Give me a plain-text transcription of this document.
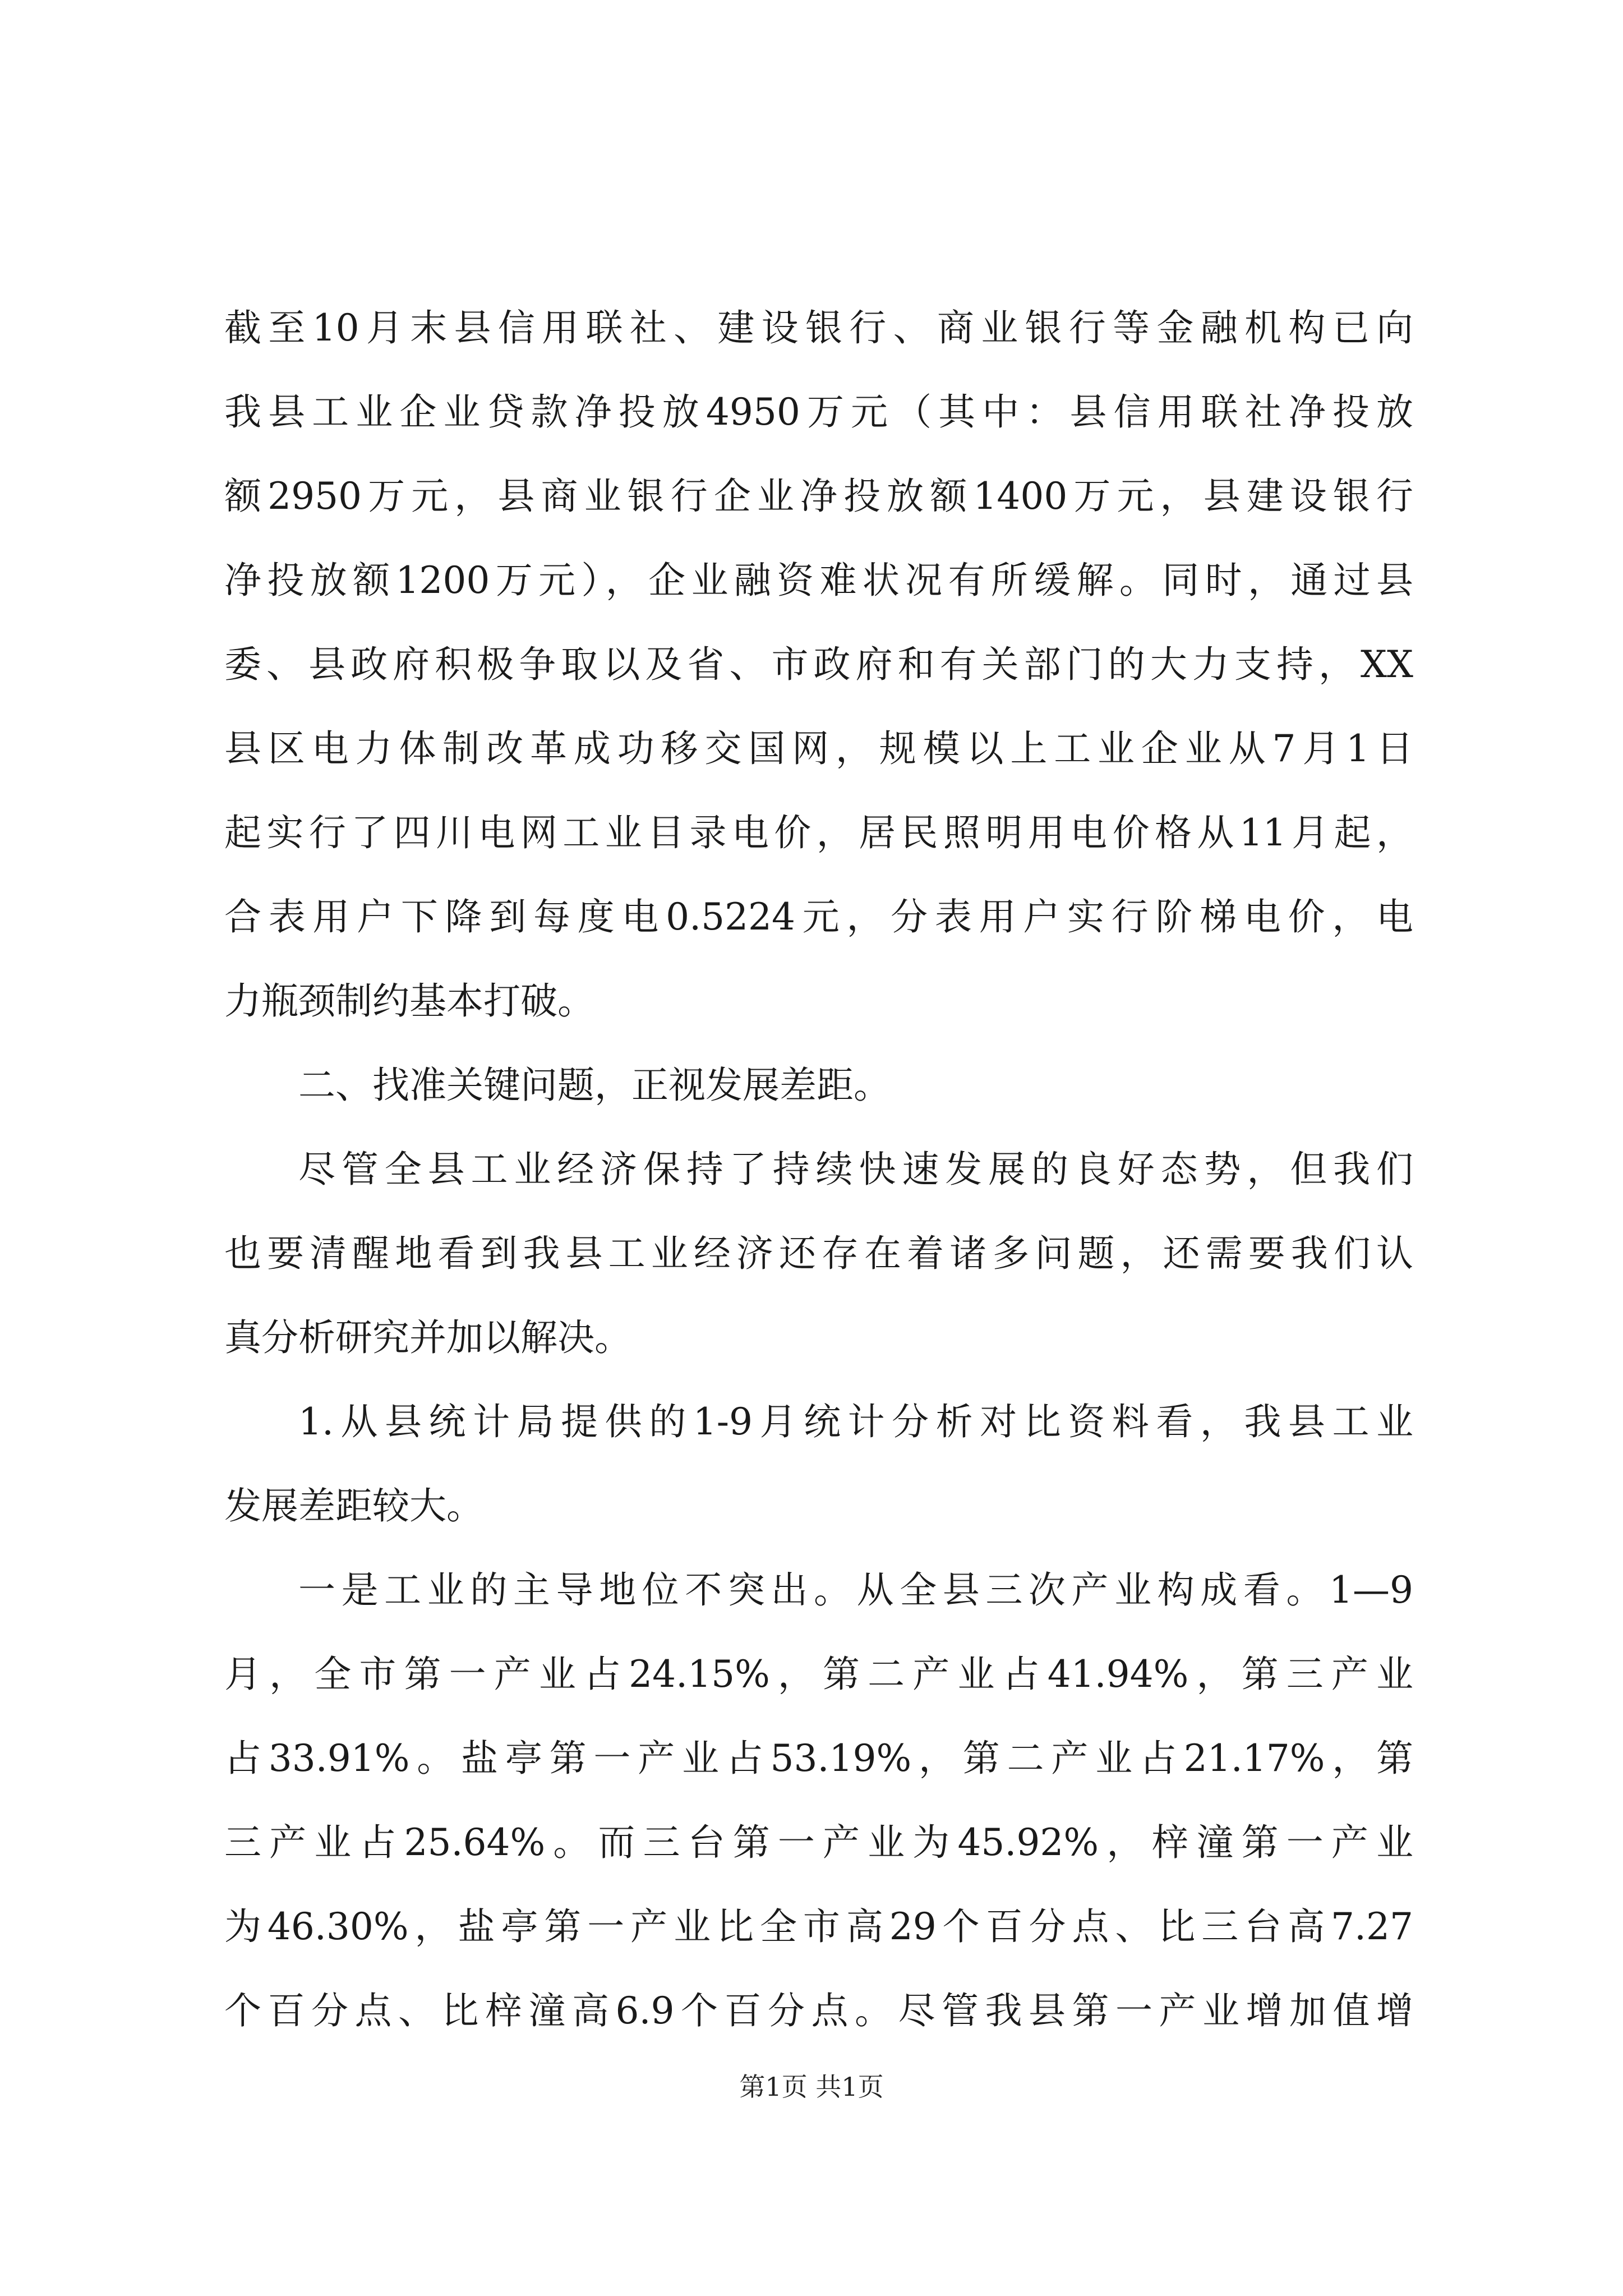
截至10月末县信用联社、建设银行、商业银行等金融机构已向
我县工业企业贷款净投放4950万元（其中：县信用联社净投放
额2950万元，县商业银行企业净投放额1400万元，县建设银行
净投放额1200万元），企业融资难状况有所缓解。同时，通过县
委、县政府积极争取以及省、市政府和有关部门的大力支持，XX
县区电力体制改革成功移交国网，规模以上工业企业从7月1日
起实行了四川电网工业目录电价，居民照明用电价格从11月起，
合表用户下降到每度电0.5224元，分表用户实行阶梯电价，电
力瓶颈制约基本打破。
二、找准关键问题，正视发展差距。
尽管全县工业经济保持了持续快速发展的良好态势，但我们
也要清醒地看到我县工业经济还存在着诸多问题，还需要我们认
真分析研究并加以解决。
1.从县统计局提供的1-9月统计分析对比资料看，我县工业
发展差距较大。
一是工业的主导地位不突出。从全县三次产业构成看。1—9
月，全市第一产业占24.15%，第二产业占41.94%，第三产业
占33.91%。盐亭第一产业占53.19%，第二产业占21.17%，第
三产业占25.64%。而三台第一产业为45.92%，梓潼第一产业
为46.30%，盐亭第一产业比全市高29个百分点、比三台高7.27
个百分点、比梓潼高6.9个百分点。尽管我县第一产业增加值增
第1页 共1页
